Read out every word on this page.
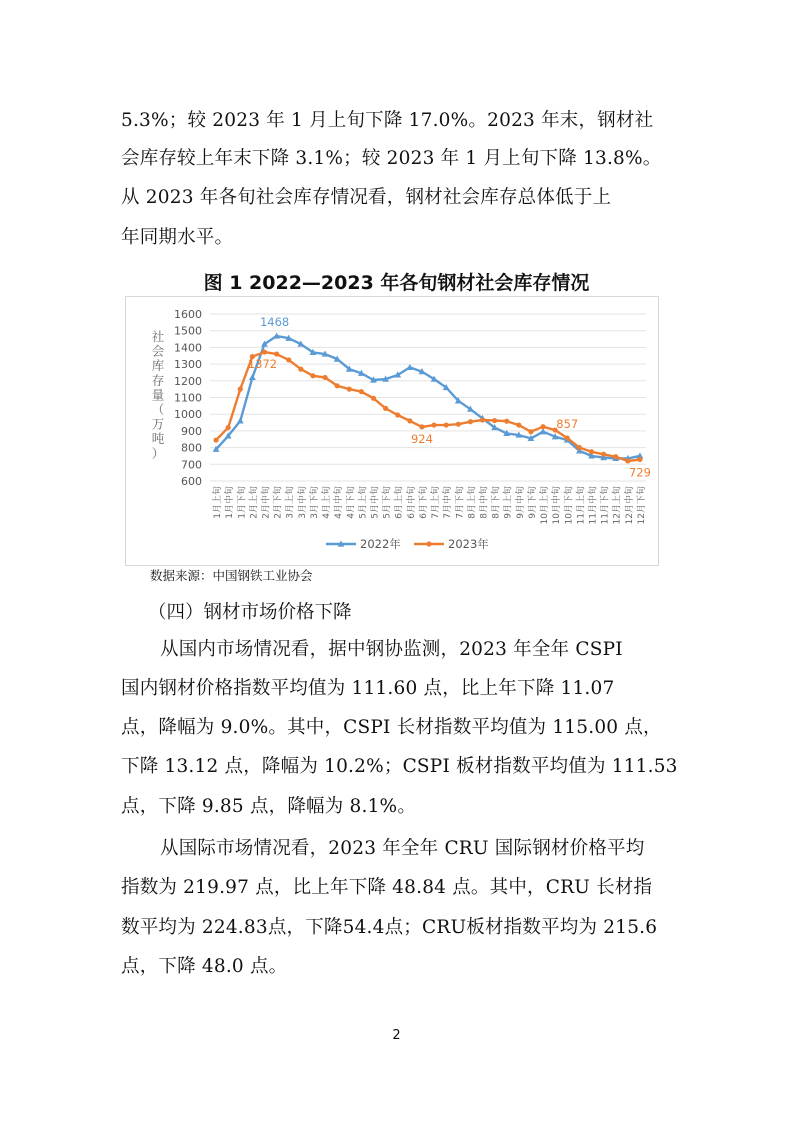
5.3%；较 2023 年 1 月上旬下降 17.0%。2023 年末，钢材社
会库存较上年末下降 3.1%；较 2023 年 1 月上旬下降 13.8%。
从 2023 年各旬社会库存情况看，钢材社会库存总体低于上
年同期水平。
图 1 2022—2023 年各旬钢材社会库存情况
600
700
800
900
1000
1100
1200
1300
1400
1500
1600
社
会
库
存
量
（
万
吨
）
1月上旬 1月中旬 1月下旬 2月上旬 2月中旬 2月下旬 3月上旬 3月中旬 3月下旬 4月上旬 4月中旬 4月下旬 5月上旬 5月中旬 5月下旬 6月上旬 6月中旬 6月下旬 7月上旬 7月中旬 7月下旬 8月上旬 8月中旬 8月下旬 9月上旬 9月中旬 9月下旬 10月上旬 10月中旬 10月下旬 11月上旬 11月中旬 11月下旬 12月上旬 12月中旬 12月下旬
1468
1372
924
857
729
2022年	2023年
数据来源：中国钢铁工业协会
（四）钢材市场价格下降
从国内市场情况看，据中钢协监测，2023 年全年 CSPI
国内钢材价格指数平均值为 111.60 点，比上年下降 11.07
点，降幅为 9.0%。其中，CSPI 长材指数平均值为 115.00 点，
下降 13.12 点，降幅为 10.2%；CSPI 板材指数平均值为 111.53
点，下降 9.85 点，降幅为 8.1%。
从国际市场情况看，2023 年全年 CRU 国际钢材价格平均
指数为 219.97 点，比上年下降 48.84 点。其中，CRU 长材指
数平均为 224.83点，下降54.4点；CRU板材指数平均为 215.6
点，下降 48.0 点。
2
